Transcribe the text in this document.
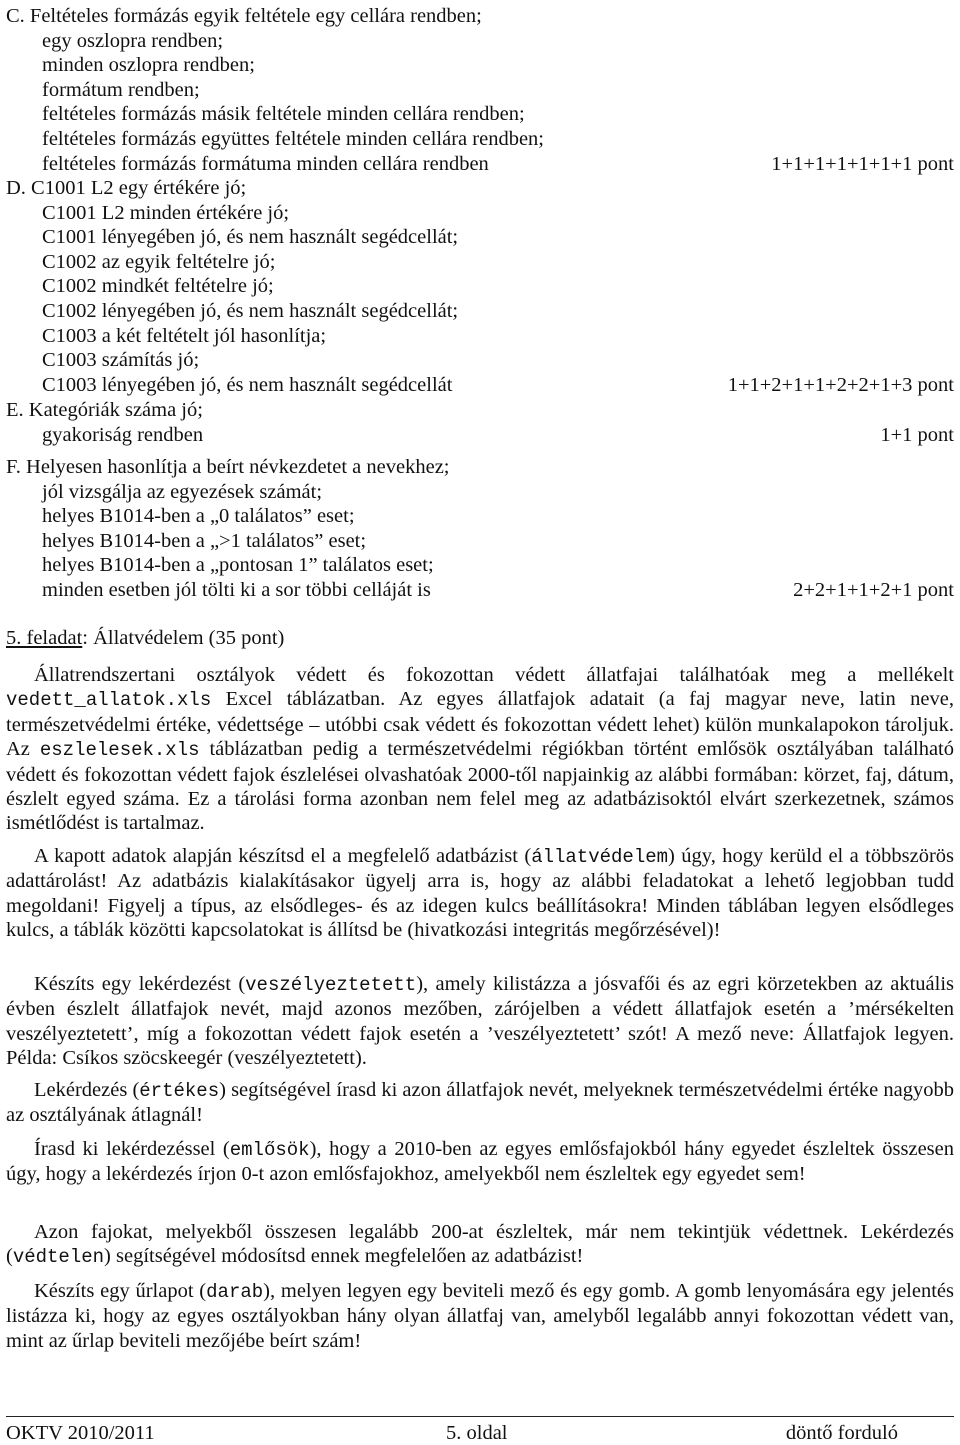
C. Feltételes formázás egyik feltétele egy cellára rendben;
egy oszlopra rendben;
minden oszlopra rendben;
formátum rendben;
feltételes formázás másik feltétele minden cellára rendben;
feltételes formázás együttes feltétele minden cellára rendben;
feltételes formázás formátuma minden cellára rendben	1+1+1+1+1+1+1 pont
D. C1001 L2 egy értékére jó;
C1001 L2 minden értékére jó;
C1001 lényegében jó, és nem használt segédcellát;
C1002 az egyik feltételre jó;
C1002 mindkét feltételre jó;
C1002 lényegében jó, és nem használt segédcellát;
C1003 a két feltételt jól hasonlítja;
C1003 számítás jó;
C1003 lényegében jó, és nem használt segédcellát	1+1+2+1+1+2+2+1+3 pont
E. Kategóriák száma jó;
gyakoriság rendben	1+1 pont
F. Helyesen hasonlítja a beírt névkezdetet a nevekhez;
jól vizsgálja az egyezések számát;
helyes B1014-ben a „0 találatos” eset;
helyes B1014-ben a „>1 találatos” eset;
helyes B1014-ben a „pontosan 1” találatos eset;
minden esetben jól tölti ki a sor többi celláját is	2+2+1+1+2+1 pont
5. feladat: Állatvédelem (35 pont)
Állatrendszertani osztályok védett és fokozottan védett állatfajai találhatóak meg a mellékelt vedett_allatok.xls Excel táblázatban. Az egyes állatfajok adatait (a faj magyar neve, latin neve, természetvédelmi értéke, védettsége – utóbbi csak védett és fokozottan védett lehet) külön munkalapokon tároljuk. Az eszlelesek.xls táblázatban pedig a természetvédelmi régiókban történt emlősök osztályában található védett és fokozottan védett fajok észlelései olvashatóak 2000-től napjainkig az alábbi formában: körzet, faj, dátum, észlelt egyed száma. Ez a tárolási forma azonban nem felel meg az adatbázisoktól elvárt szerkezetnek, számos ismétlődést is tartalmaz.
A kapott adatok alapján készítsd el a megfelelő adatbázist (állatvédelem) úgy, hogy kerüld el a többszörös adattárolást! Az adatbázis kialakításakor ügyelj arra is, hogy az alábbi feladatokat a lehető legjobban tudd megoldani! Figyelj a típus, az elsődleges- és az idegen kulcs beállításokra! Minden táblában legyen elsődleges kulcs, a táblák közötti kapcsolatokat is állítsd be (hivatkozási integritás megőrzésével)!
Készíts egy lekérdezést (veszélyeztetett), amely kilistázza a jósvafői és az egri körzetekben az aktuális évben észlelt állatfajok nevét, majd azonos mezőben, zárójelben a védett állatfajok esetén a ’mérsékelten veszélyeztetett’, míg a fokozottan védett fajok esetén a ’veszélyeztetett’ szót! A mező neve: Állatfajok legyen. Példa: Csíkos szöcskeegér (veszélyeztetett).
Lekérdezés (értékes) segítségével írasd ki azon állatfajok nevét, melyeknek természetvédelmi értéke nagyobb az osztályának átlagnál!
Írasd ki lekérdezéssel (emlősök), hogy a 2010-ben az egyes emlősfajokból hány egyedet észleltek összesen úgy, hogy a lekérdezés írjon 0-t azon emlősfajokhoz, amelyekből nem észleltek egy egyedet sem!
Azon fajokat, melyekből összesen legalább 200-at észleltek, már nem tekintjük védettnek. Lekérdezés (védtelen) segítségével módosítsd ennek megfelelően az adatbázist!
Készíts egy űrlapot (darab), melyen legyen egy beviteli mező és egy gomb. A gomb lenyomására egy jelentés listázza ki, hogy az egyes osztályokban hány olyan állatfaj van, amelyből legalább annyi fokozottan védett van, mint az űrlap beviteli mezőjébe beírt szám!
OKTV 2010/2011	5. oldal	döntő forduló
